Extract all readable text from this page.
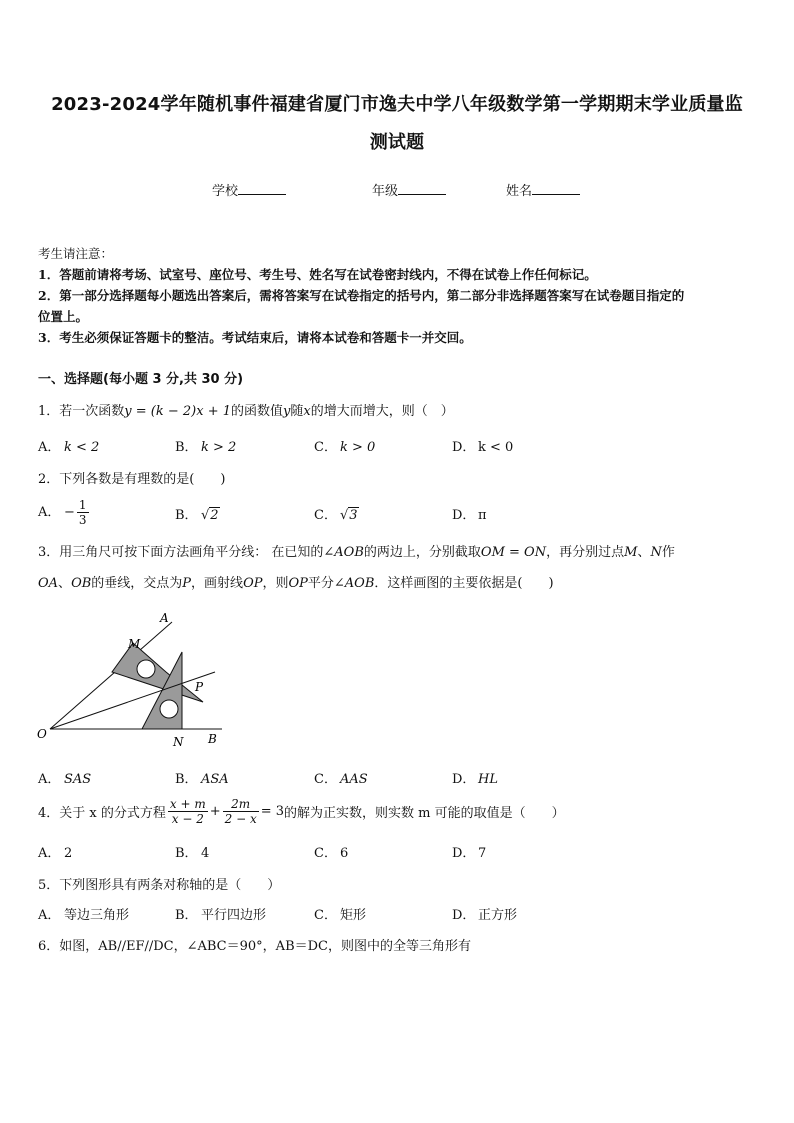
2023-2024学年随机事件福建省厦门市逸夫中学八年级数学第一学期期末学业质量监
测试题
学校	年级	姓名

考生请注意：

1．答题前请将考场、试室号、座位号、考生号、姓名写在试卷密封线内，不得在试卷上作任何标记。

2．第一部分选择题每小题选出答案后，需将答案写在试卷指定的括号内，第二部分非选择题答案写在试卷题目指定的

位置上。

3．考生必须保证答题卡的整洁。考试结束后，请将本试卷和答题卡一并交回。

一、选择题(每小题 3 分,共 30 分)
1．若一次函数y = (k − 2)x + 1的函数值y随x的增大而增大，则（　）
A． k < 2	B． k > 2	C． k > 0	D． k < 0
2．下列各数是有理数的是(　　)
A． − $\frac{1}{3}$	B． √2	C． √3	D． π
3．用三角尺可按下面方法画角平分线： 在已知的∠AOB的两边上，分别截取OM = ON，再分别过点M、N作
OA、OB的垂线，交点为P，画射线OP，则OP平分∠AOB．这样画图的主要依据是(　　)
A
M
P
O
N B
A． SAS	B． ASA	C． AAS	D． HL
4．关于 x 的分式方程 $\frac{x + m}{x - 2} + \frac{2m}{2 - x} = 3$的解为正实数，则实数 m 可能的取值是（　　）
A． 2	B． 4	C． 6	D． 7
5．下列图形具有两条对称轴的是（　　）
A． 等边三角形	B． 平行四边形	C． 矩形	D． 正方形
6．如图，AB//EF//DC，∠ABC＝90°，AB＝DC，则图中的全等三角形有
